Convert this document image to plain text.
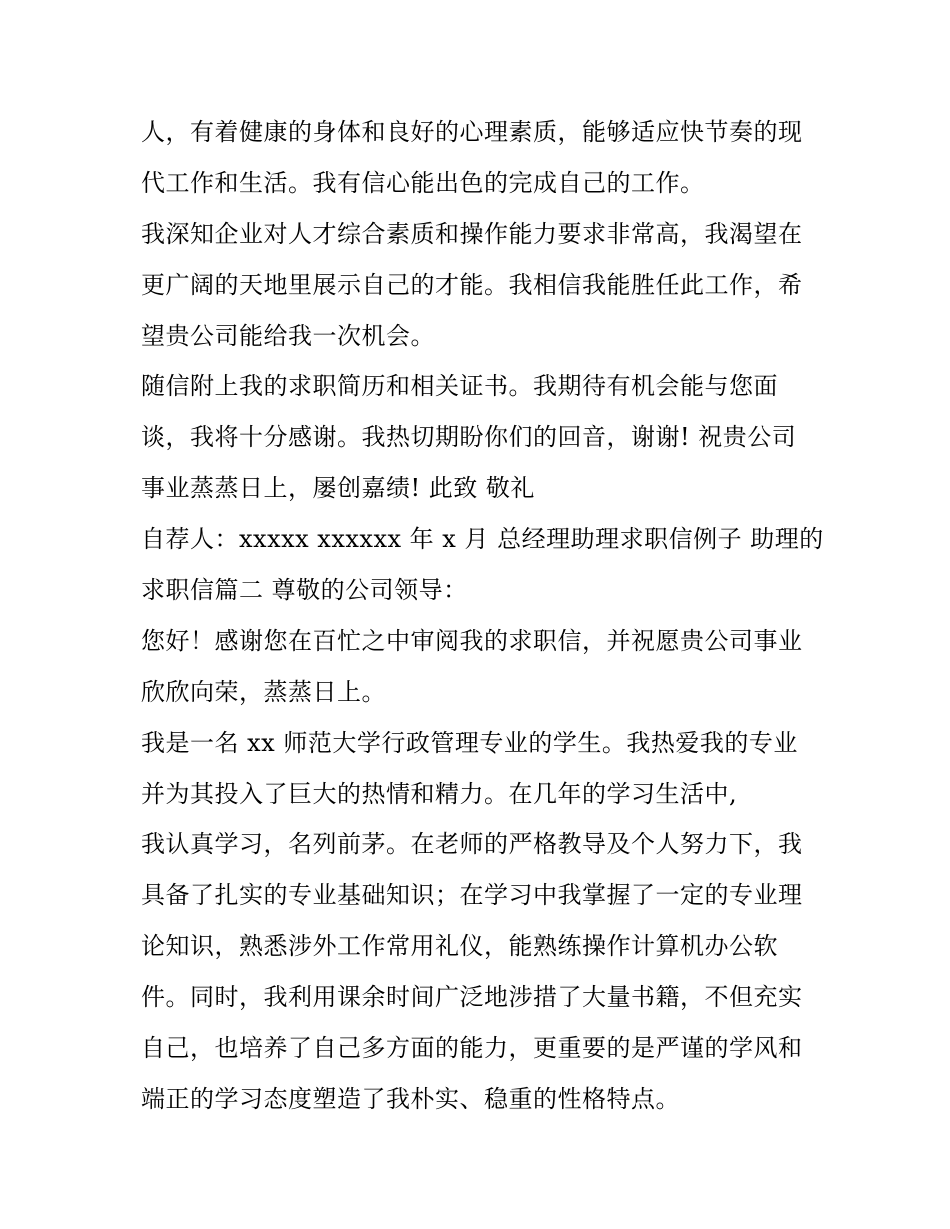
人，有着健康的身体和良好的心理素质，能够适应快节奏的现
代工作和生活。我有信心能出色的完成自己的工作。
我深知企业对人才综合素质和操作能力要求非常高，我渴望在
更广阔的天地里展示自己的才能。我相信我能胜任此工作，希
望贵公司能给我一次机会。
随信附上我的求职简历和相关证书。我期待有机会能与您面
谈，我将十分感谢。我热切期盼你们的回音，谢谢! 祝贵公司
事业蒸蒸日上，屡创嘉绩! 此致 敬礼
自荐人：xxxxx xxxxxx 年 x 月 总经理助理求职信例子 助理的
求职信篇二 尊敬的公司领导：
您好！感谢您在百忙之中审阅我的求职信，并祝愿贵公司事业
欣欣向荣，蒸蒸日上。
我是一名 xx 师范大学行政管理专业的学生。我热爱我的专业
并为其投入了巨大的热情和精力。在几年的学习生活中,
我认真学习，名列前茅。在老师的严格教导及个人努力下，我
具备了扎实的专业基础知识；在学习中我掌握了一定的专业理
论知识，熟悉涉外工作常用礼仪，能熟练操作计算机办公软
件。同时，我利用课余时间广泛地涉措了大量书籍，不但充实
自己，也培养了自己多方面的能力，更重要的是严谨的学风和
端正的学习态度塑造了我朴实、稳重的性格特点。
